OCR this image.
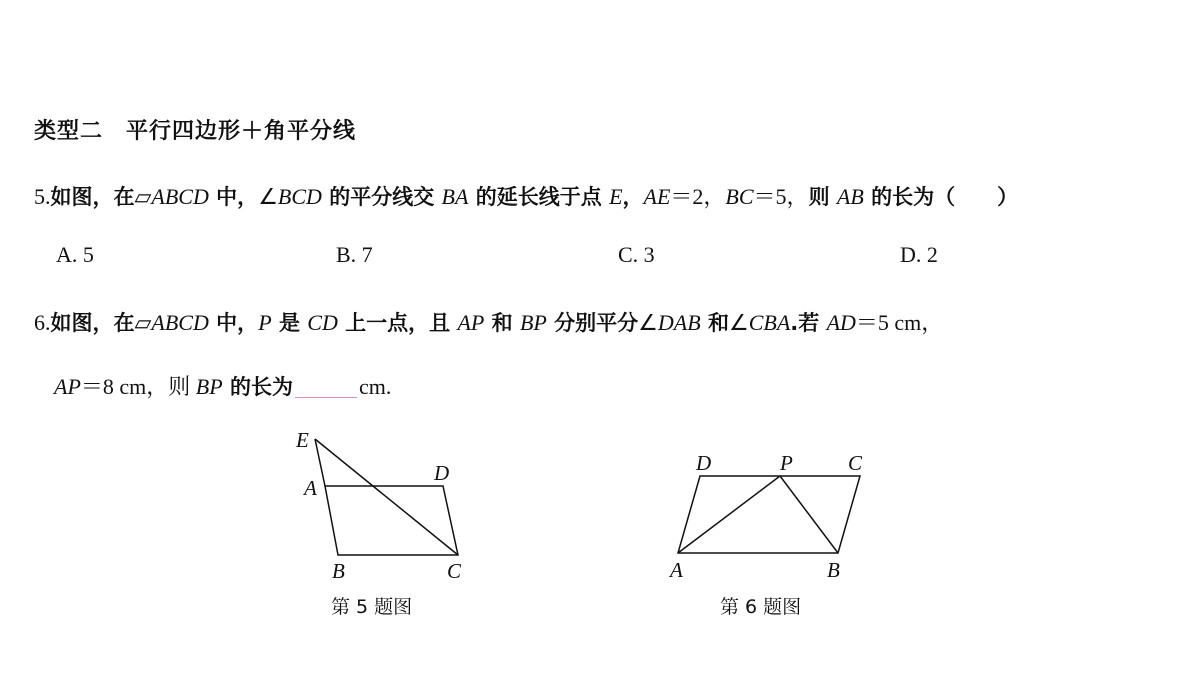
类型二　平行四边形＋角平分线
5.如图，在▱ABCD 中，∠BCD 的平分线交 BA 的延长线于点 E，AE＝2，BC＝5，则 AB 的长为（　　）
A. 5	B. 7	C. 3	D. 2
6.如图，在▱ABCD 中，P 是 CD 上一点，且 AP 和 BP 分别平分∠DAB 和∠CBA.若 AD＝5 cm，
AP＝8 cm，则 BP 的长为	cm.
E
A
D
B	C
第 5 题图
D	P	C
A	B
第 6 题图
